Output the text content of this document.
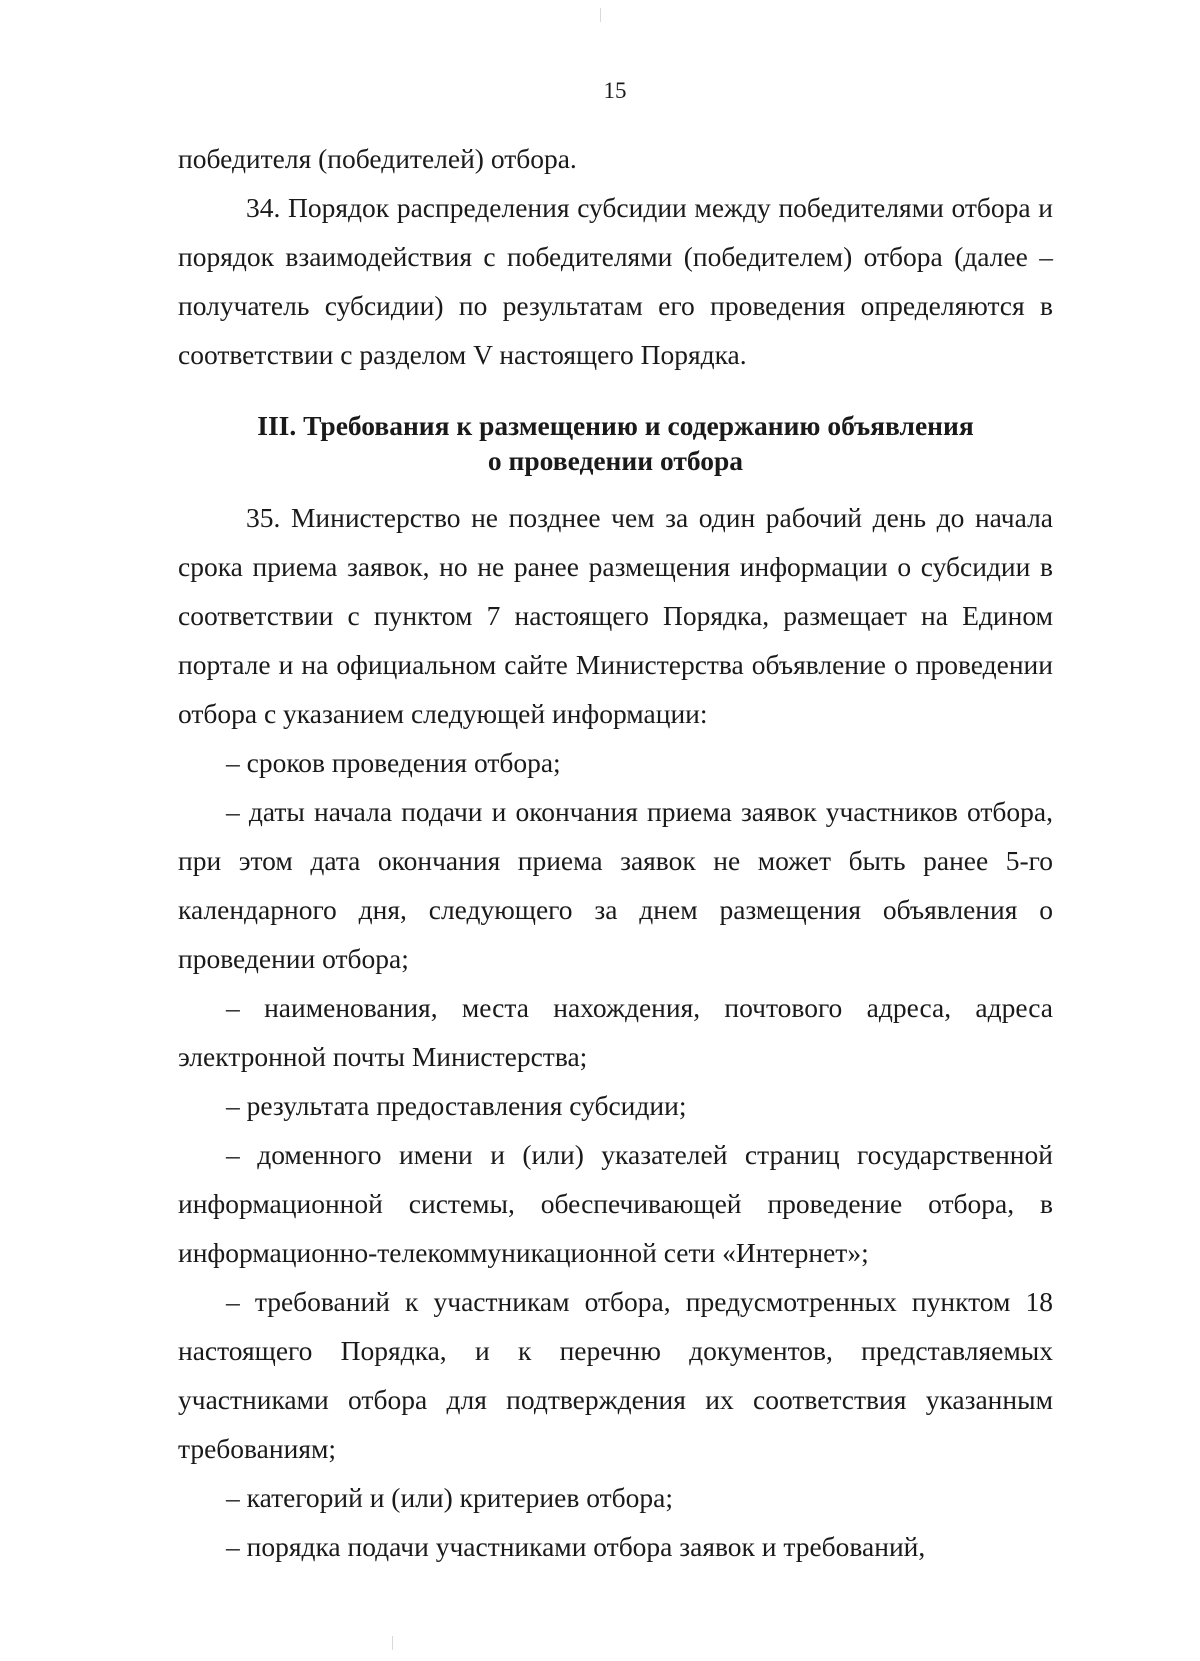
15

победителя (победителей) отбора.

34. Порядок распределения субсидии между победителями отбора и порядок взаимодействия с победителями (победителем) отбора (далее – получатель субсидии) по результатам его проведения определяются в соответствии с разделом V настоящего Порядка.

III. Требования к размещению и содержанию объявления
о проведении отбора

35. Министерство не позднее чем за один рабочий день до начала срока приема заявок, но не ранее размещения информации о субсидии в соответствии с пунктом 7 настоящего Порядка, размещает на Едином портале и на официальном сайте Министерства объявление о проведении отбора с указанием следующей информации:

– сроков проведения отбора;

– даты начала подачи и окончания приема заявок участников отбора, при этом дата окончания приема заявок не может быть ранее 5-го календарного дня, следующего за днем размещения объявления о проведении отбора;

– наименования, места нахождения, почтового адреса, адреса электронной почты Министерства;

– результата предоставления субсидии;

– доменного имени и (или) указателей страниц государственной информационной системы, обеспечивающей проведение отбора, в информационно-телекоммуникационной сети «Интернет»;

– требований к участникам отбора, предусмотренных пунктом 18 настоящего Порядка, и к перечню документов, представляемых участниками отбора для подтверждения их соответствия указанным требованиям;

– категорий и (или) критериев отбора;

– порядка подачи участниками отбора заявок и требований,
